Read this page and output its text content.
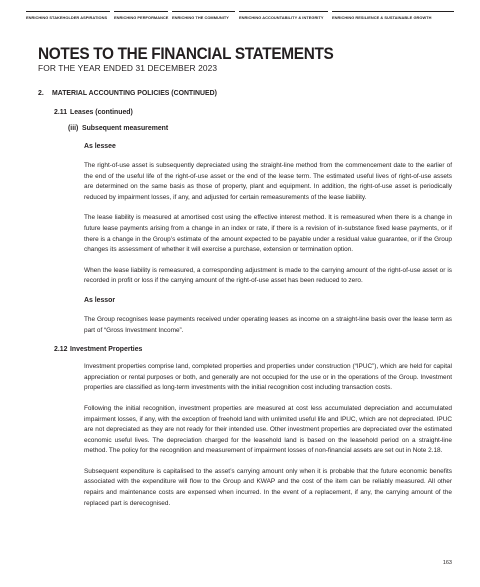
ENRICHING STAKEHOLDER ASPIRATIONS	ENRICHING PERFORMANCE ENRICHING THE COMMUNITY	ENRICHING ACCOUNTABILITY & INTEGRITY	ENRICHING RESILIENCE & SUSTAINABLE GROWTH
NOTES TO THE FINANCIAL STATEMENTS
FOR THE YEAR ENDED 31 DECEMBER 2023
2. MATERIAL ACCOUNTING POLICIES (CONTINUED)
2.11 Leases (continued)
(iii) Subsequent measurement
As lessee

The right-of-use asset is subsequently depreciated using the straight-line method from the commencement date to the earlier of the end of the useful life of the right-of-use asset or the end of the lease term. The estimated useful lives of right-of-use assets are determined on the same basis as those of property, plant and equipment. In addition, the right-of-use asset is periodically reduced by impairment losses, if any, and adjusted for certain remeasurements of the lease liability.

The lease liability is measured at amortised cost using the effective interest method. It is remeasured when there is a change in future lease payments arising from a change in an index or rate, if there is a revision of in-substance fixed lease payments, or if there is a change in the Group’s estimate of the amount expected to be payable under a residual value guarantee, or if the Group changes its assessment of whether it will exercise a purchase, extension or termination option.

When the lease liability is remeasured, a corresponding adjustment is made to the carrying amount of the right-of-use asset or is recorded in profit or loss if the carrying amount of the right-of-use asset has been reduced to zero.

As lessor

The Group recognises lease payments received under operating leases as income on a straight-line basis over the lease term as part of “Gross Investment Income”.

2.12 Investment Properties

Investment properties comprise land, completed properties and properties under construction (“IPUC”), which are held for capital appreciation or rental purposes or both, and generally are not occupied for the use or in the operations of the Group. Investment properties are classified as long-term investments with the initial recognition cost including transaction costs.

Following the initial recognition, investment properties are measured at cost less accumulated depreciation and accumulated impairment losses, if any, with the exception of freehold land with unlimited useful life and IPUC, which are not depreciated. IPUC are not depreciated as they are not ready for their intended use. Other investment properties are depreciated over the estimated economic useful lives. The depreciation charged for the leasehold land is based on the leasehold period on a straight-line method. The policy for the recognition and measurement of impairment losses of non-financial assets are set out in Note 2.18.

Subsequent expenditure is capitalised to the asset’s carrying amount only when it is probable that the future economic benefits associated with the expenditure will flow to the Group and KWAP and the cost of the item can be reliably measured. All other repairs and maintenance costs are expensed when incurred. In the event of a replacement, if any, the carrying amount of the replaced part is derecognised.

163
